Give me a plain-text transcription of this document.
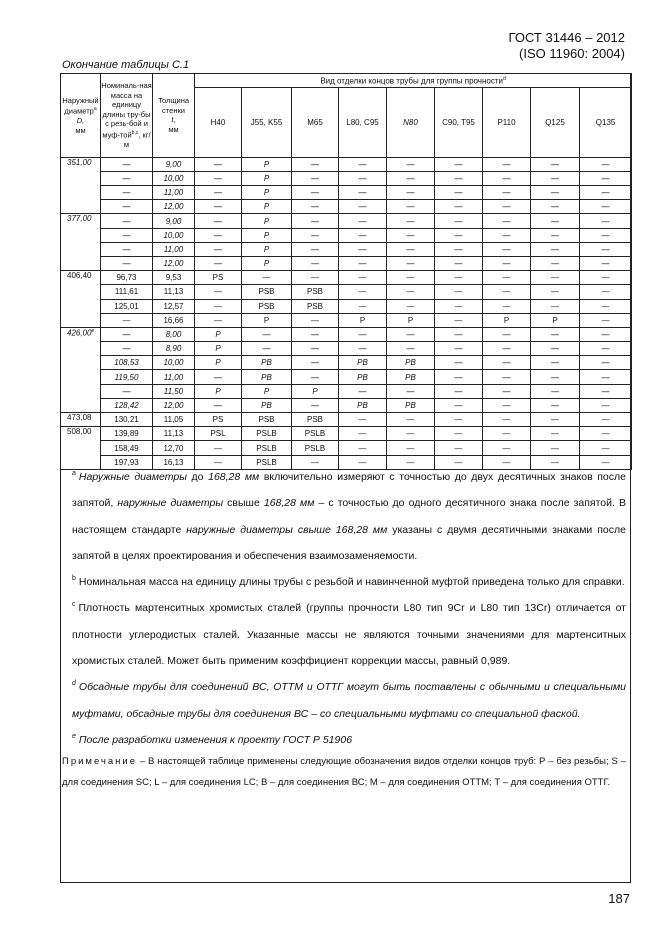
ГОСТ 31446 – 2012
(ISO 11960: 2004)
Окончание таблицы С.1
Наружный диаметр$^a$
D,
мм	Номиналь-ная масса на единицу длины тру-бы с резь-бой и муф-той$^{b,c}$, кг/м	Толщина стенки
t,
мм	Вид отделки концов трубы для группы прочности$^d$
			H40	J55, K55	M65	L80, C95	N80	C90, T95	P110	Q125	Q135
351,00	—	9,00	—	P	—	—	—	—	—	—	—
	—	10,00	—	P	—	—	—	—	—	—	—
	—	11,00	—	P	—	—	—	—	—	—	—
	—	12,00	—	P	—	—	—	—	—	—	—
377,00	—	9,00	—	P	—	—	—	—	—	—	—
	—	10,00	—	P	—	—	—	—	—	—	—
	—	11,00	—	P	—	—	—	—	—	—	—
	—	12,00	—	P	—	—	—	—	—	—	—
406,40	96,73	9,53	PS	—	—	—	—	—	—	—	—
	111,61	11,13	—	PSB	PSB	—	—	—	—	—	—
	125,01	12,57	—	PSB	PSB	—	—	—	—	—	—
	—	16,66	—	P	—	P	P	—	P	P	—
426,00e	—	8,00	P	—	—	—	—	—	—	—	—
	—	8,90	P	—	—	—	—	—	—	—	—
	108,53	10,00	P	PB	—	PB	PB	—	—	—	—
	119,50	11,00	—	PB	—	PB	PB	—	—	—	—
	—	11,50	P	P	P	—	—	—	—	—	—
	128,42	12,00	—	PB	—	PB	PB	—	—	—	—
473,08	130,21	11,05	PS	PSB	PSB	—	—	—	—	—	—
508,00	139,89	11,13	PSL	PSLB	PSLB	—	—	—	—	—	—
	158,49	12,70	—	PSLB	PSLB	—	—	—	—	—	—
	197,93	16,13	—	PSLB	—	—	—	—	—	—	—

$^a$ Наружные диаметры до 168,28 мм включительно измеряют с точностью до двух десятичных знаков после запятой, наружные диаметры свыше 168,28 мм – с точностью до одного десятичного знака после запятой. В настоящем стандарте наружные диаметры свыше 168,28 мм указаны с двумя десятичными знаками после запятой в целях проектирования и обеспечения взаимозаменяемости.

$^b$ Номинальная масса на единицу длины трубы с резьбой и навинченной муфтой приведена только для справки.

$^c$ Плотность мартенситных хромистых сталей (группы прочности L80 тип 9Cr и L80 тип 13Cr) отличается от плотности углеродистых сталей. Указанные массы не являются точными значениями для мартенситных хромистых сталей. Может быть применим коэффициент коррекции массы, равный 0,989.

$^d$ Обсадные трубы для соединений ВС, ОТТМ и ОТТГ могут быть поставлены с обычными и специальными муфтами, обсадные трубы для соединения ВС – со специальными муфтами со специальной фаской.

$^e$ После разработки изменения к проекту ГОСТ Р 51906

Примечание – В настоящей таблице применены следующие обозначения видов отделки концов труб: Р – без резьбы; S – для соединения SC; L – для соединения LC; В – для соединения ВС; М – для соединения ОТТМ; Т – для соединения ОТТГ.

187
